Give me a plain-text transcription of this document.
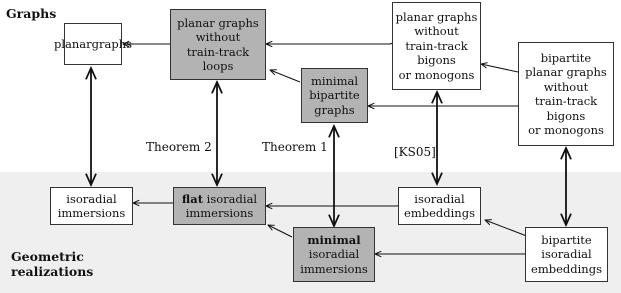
Graphs
Geometric realizations
planar graphs
planar graphs
without
train-track
loops
planar graphs
without
train-track
bigons
or monogons
minimal
bipartite
graphs
bipartite
planar graphs
without
train-track
bigons
or monogons
Theorem 2	Theorem 1	[KS05]
isoradial
immersions
flat isoradial
immersions
isoradial
embeddings
minimal
isoradial
immersions
bipartite
isoradial
embeddings
